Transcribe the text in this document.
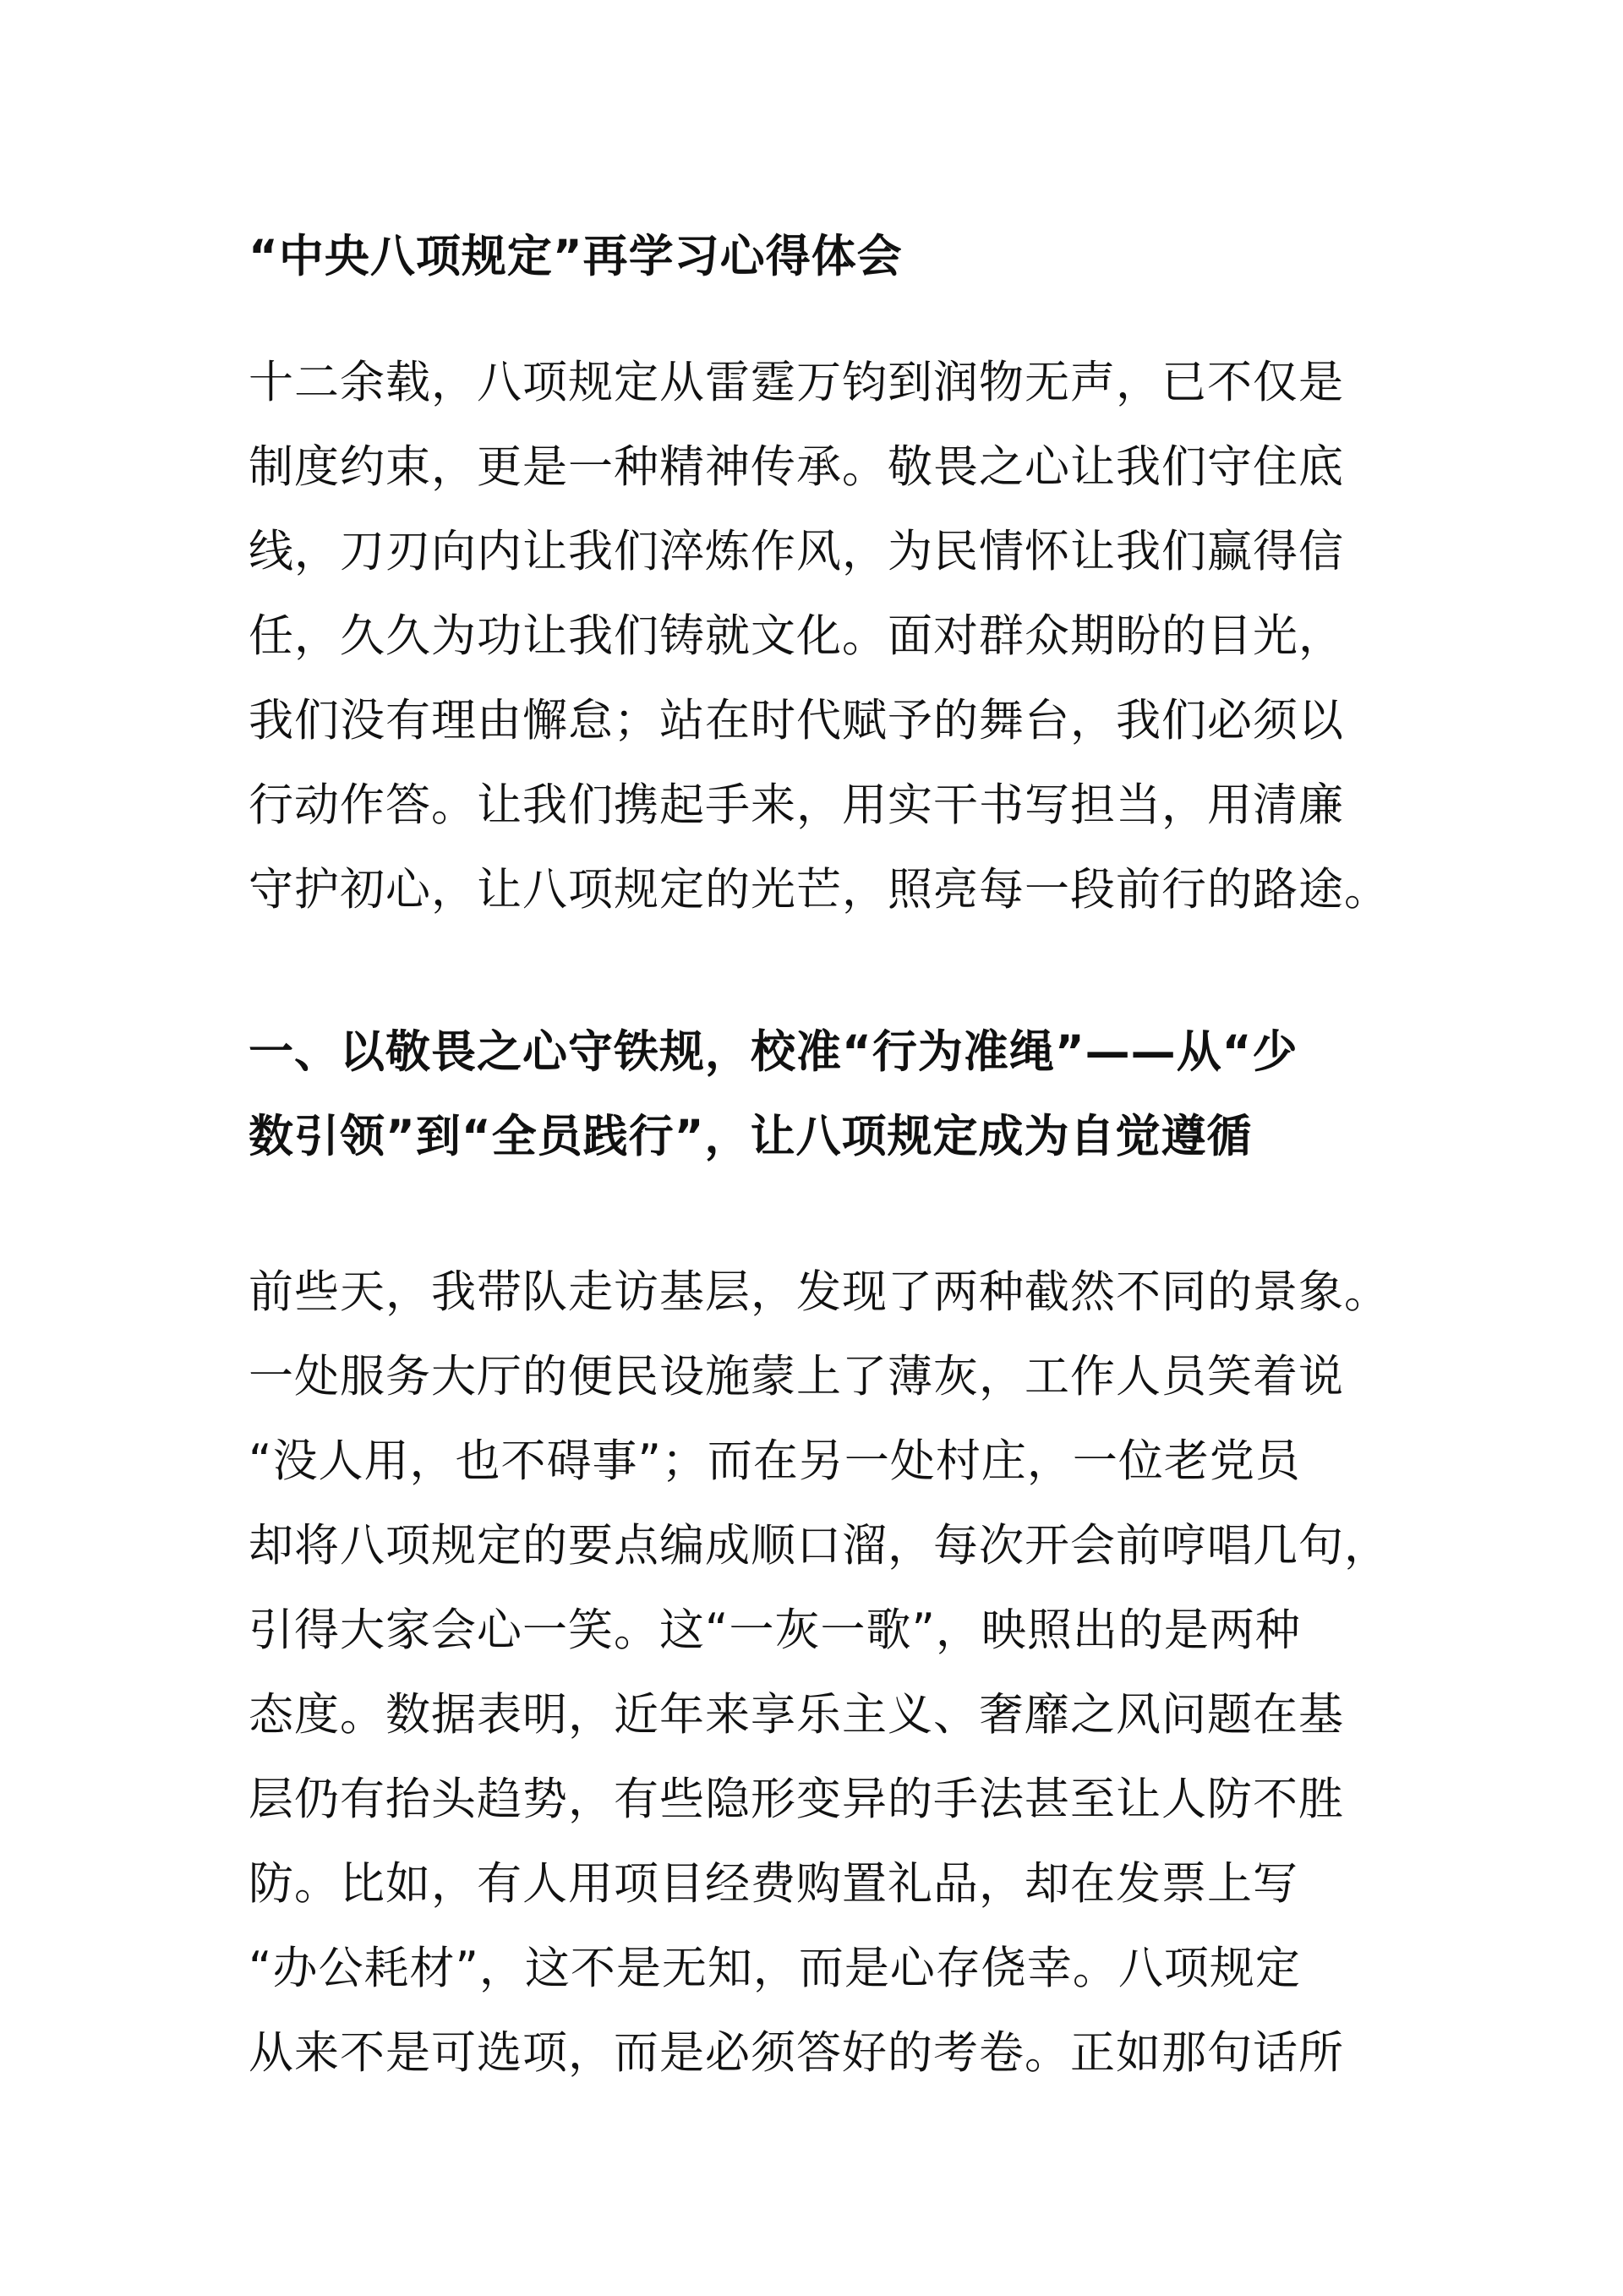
“中央八项规定”再学习心得体会
十二余载，八项规定从雷霆万钧到润物无声，已不仅是
制度约束，更是一种精神传承。敬畏之心让我们守住底
线，刀刃向内让我们淬炼作风，为民情怀让我们赢得信
任，久久为功让我们铸就文化。面对群众期盼的目光，
我们没有理由懈怠；站在时代赋予的舞台，我们必须以
行动作答。让我们携起手来，用实干书写担当，用清廉
守护初心，让八项规定的光芒，照亮每一段前行的路途。
一、以敬畏之心守铁规，校准“行为准绳”——从“少
数引领”到“全员践行”，让八项规定成为自觉遵循
前些天，我带队走访基层，发现了两种截然不同的景象。
一处服务大厅的便民设施蒙上了薄灰，工作人员笑着说
“没人用，也不碍事”；而在另一处村庄，一位老党员
却将八项规定的要点编成顺口溜，每次开会前哼唱几句，
引得大家会心一笑。这“一灰一歌”，映照出的是两种
态度。数据表明，近年来享乐主义、奢靡之风问题在基
层仍有抬头趋势，有些隐形变异的手法甚至让人防不胜
防。比如，有人用项目经费购置礼品，却在发票上写
“办公耗材”，这不是无知，而是心存侥幸。八项规定
从来不是可选项，而是必须答好的考卷。正如那句话所
